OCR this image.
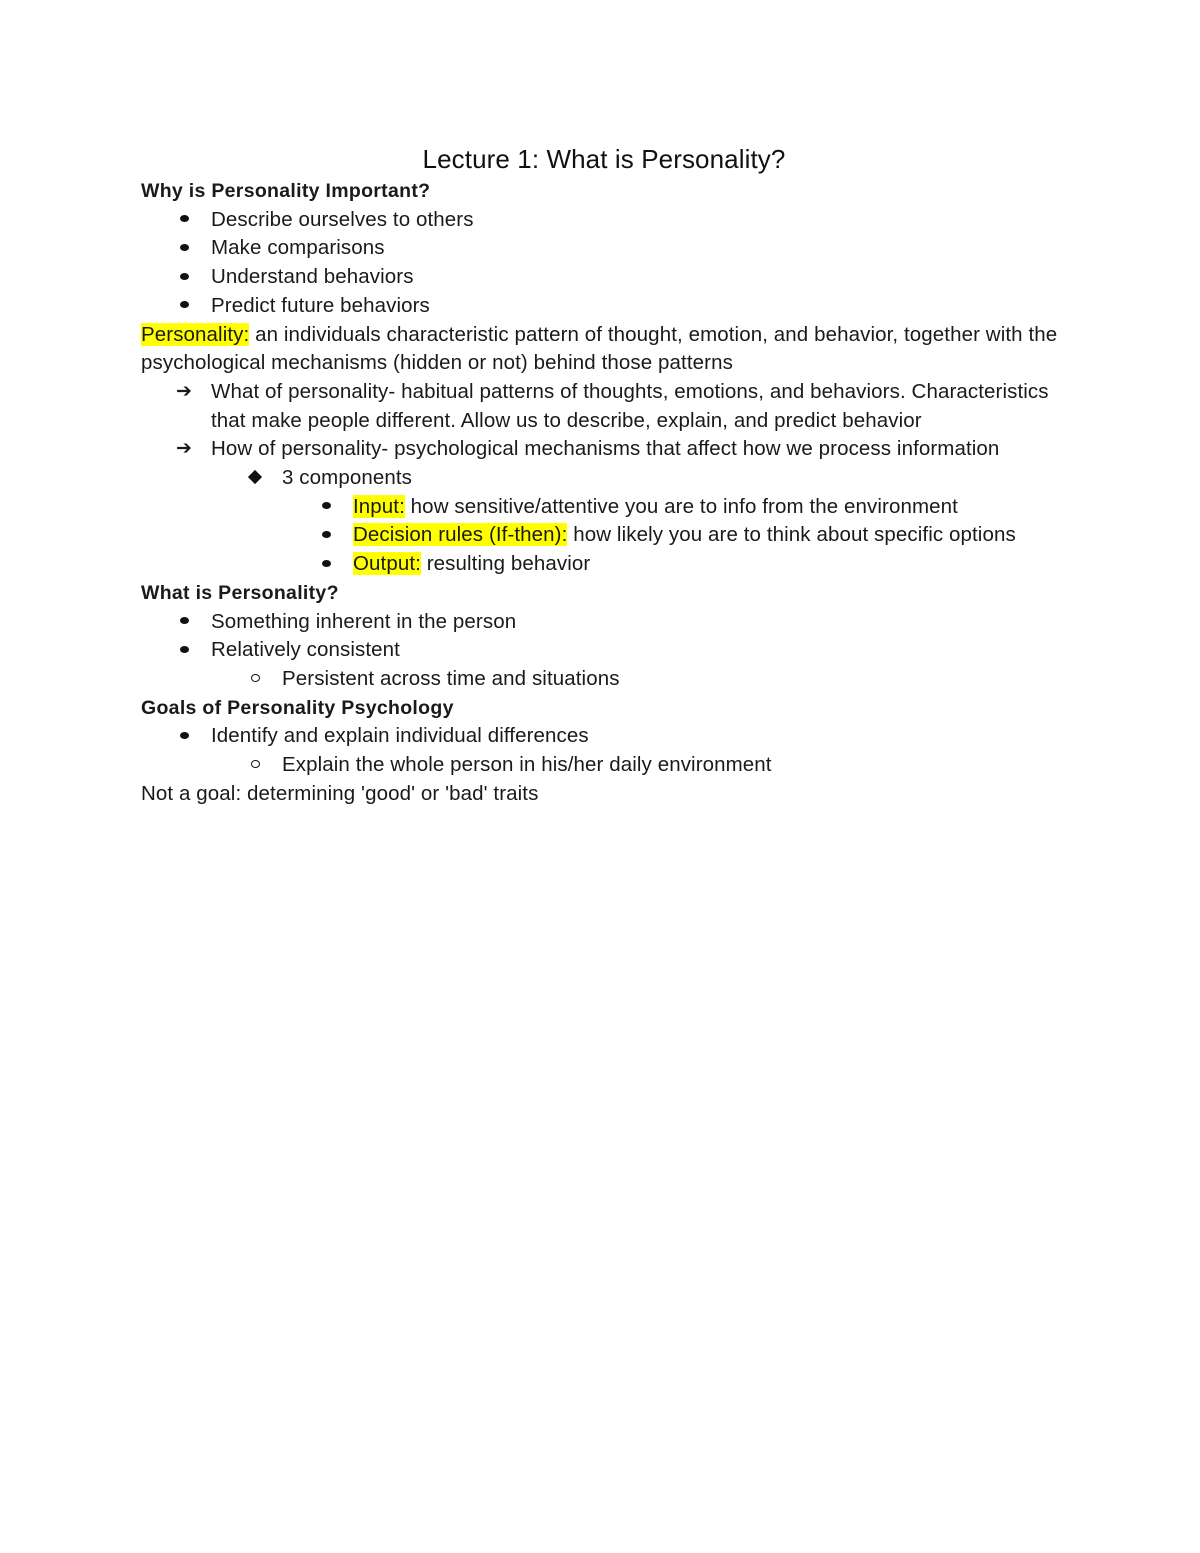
Lecture 1: What is Personality?
Why is Personality Important?
Describe ourselves to others
Make comparisons
Understand behaviors
Predict future behaviors
Personality: an individuals characteristic pattern of thought, emotion, and behavior, together with the psychological mechanisms (hidden or not) behind those patterns
➔ What of personality- habitual patterns of thoughts, emotions, and behaviors. Characteristics that make people different. Allow us to describe, explain, and predict behavior
➔ How of personality- psychological mechanisms that affect how we process information
3 components
Input: how sensitive/attentive you are to info from the environment
Decision rules (If-then): how likely you are to think about specific options
Output: resulting behavior
What is Personality?
Something inherent in the person
Relatively consistent
Persistent across time and situations
Goals of Personality Psychology
Identify and explain individual differences
Explain the whole person in his/her daily environment
Not a goal: determining 'good' or 'bad' traits
